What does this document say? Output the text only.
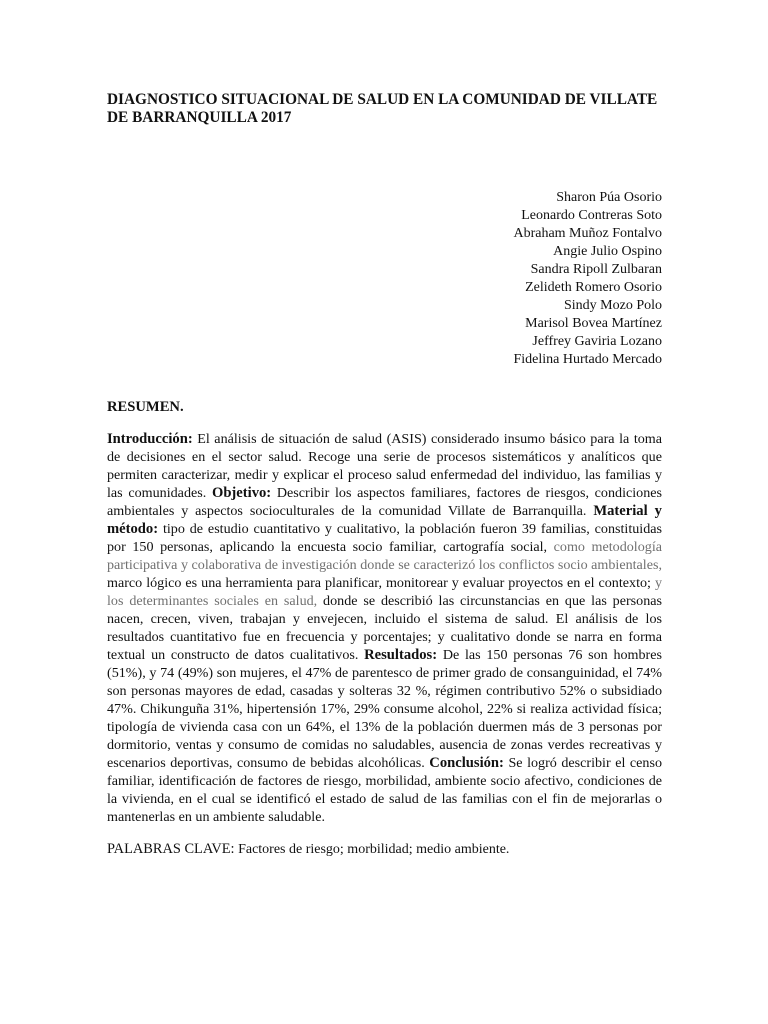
DIAGNOSTICO SITUACIONAL DE SALUD EN LA COMUNIDAD DE VILLATE DE BARRANQUILLA 2017
Sharon Púa Osorio
Leonardo Contreras Soto
Abraham Muñoz Fontalvo
Angie Julio Ospino
Sandra Ripoll Zulbaran
Zelideth Romero Osorio
Sindy Mozo Polo
Marisol Bovea Martínez
Jeffrey Gaviria Lozano
Fidelina Hurtado Mercado
RESUMEN.

Introducción: El análisis de situación de salud (ASIS) considerado insumo básico para la toma de decisiones en el sector salud. Recoge una serie de procesos sistemáticos y analíticos que permiten caracterizar, medir y explicar el proceso salud enfermedad del individuo, las familias y las comunidades. Objetivo: Describir los aspectos familiares, factores de riesgos, condiciones ambientales y aspectos socioculturales de la comunidad Villate de Barranquilla. Material y método: tipo de estudio cuantitativo y cualitativo, la población fueron 39 familias, constituidas por 150 personas, aplicando la encuesta socio familiar, cartografía social, como metodología participativa y colaborativa de investigación donde se caracterizó los conflictos socio ambientales, marco lógico es una herramienta para planificar, monitorear y evaluar proyectos en el contexto; y los determinantes sociales en salud, donde se describió las circunstancias en que las personas nacen, crecen, viven, trabajan y envejecen, incluido el sistema de salud. El análisis de los resultados cuantitativo fue en frecuencia y porcentajes; y cualitativo donde se narra en forma textual un constructo de datos cualitativos. Resultados: De las 150 personas 76 son hombres (51%), y 74 (49%) son mujeres, el 47% de parentesco de primer grado de consanguinidad, el 74% son personas mayores de edad, casadas y solteras 32 %, régimen contributivo 52% o subsidiado 47%. Chikunguña 31%, hipertensión 17%, 29% consume alcohol, 22% si realiza actividad física; tipología de vivienda casa con un 64%, el 13% de la población duermen más de 3 personas por dormitorio, ventas y consumo de comidas no saludables, ausencia de zonas verdes recreativas y escenarios deportivas, consumo de bebidas alcohólicas. Conclusión: Se logró describir el censo familiar, identificación de factores de riesgo, morbilidad, ambiente socio afectivo, condiciones de la vivienda, en el cual se identificó el estado de salud de las familias con el fin de mejorarlas o mantenerlas en un ambiente saludable.

PALABRAS CLAVE: Factores de riesgo; morbilidad; medio ambiente.
